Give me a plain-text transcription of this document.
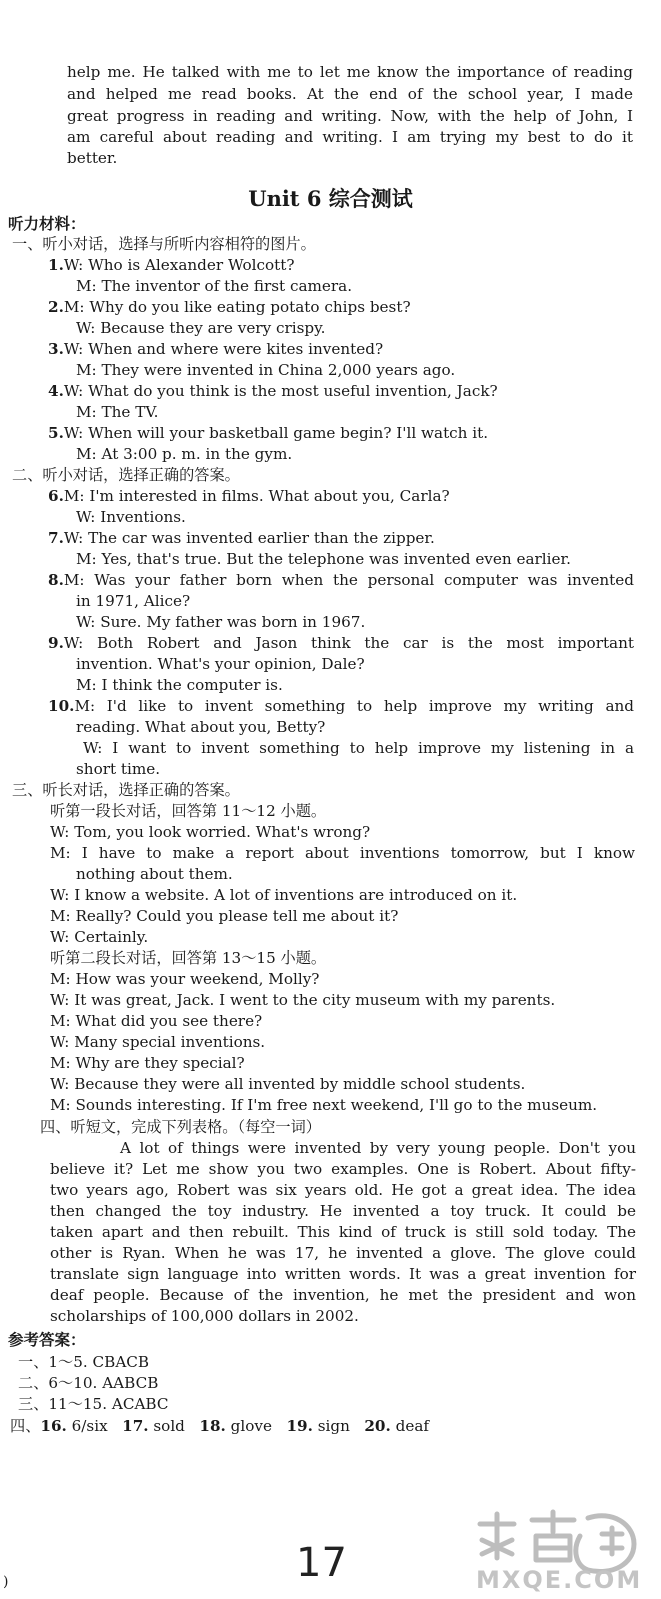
help me. He talked with me to let me know the importance of reading
and helped me read books. At the end of the school year, I made
great progress in reading and writing. Now, with the help of John, I
am careful about reading and writing. I am trying my best to do it
better.
Unit 6 综合测试
听力材料：
一、听小对话，选择与所听内容相符的图片。
1.W: Who is Alexander Wolcott?
M: The inventor of the first camera.
2.M: Why do you like eating potato chips best?
W: Because they are very crispy.
3.W: When and where were kites invented?
M: They were invented in China 2,000 years ago.
4.W: What do you think is the most useful invention, Jack?
M: The TV.
5.W: When will your basketball game begin? I'll watch it.
M: At 3:00 p. m. in the gym.
二、听小对话，选择正确的答案。
6.M: I'm interested in films. What about you, Carla?
W: Inventions.
7.W: The car was invented earlier than the zipper.
M: Yes, that's true. But the telephone was invented even earlier.
8.M: Was your father born when the personal computer was invented
in 1971, Alice?
W: Sure. My father was born in 1967.
9.W: Both Robert and Jason think the car is the most important
invention. What's your opinion, Dale?
M: I think the computer is.
10.M: I'd like to invent something to help improve my writing and
reading. What about you, Betty?
W: I want to invent something to help improve my listening in a
short time.
三、听长对话，选择正确的答案。
听第一段长对话，回答第 11～12 小题。
W: Tom, you look worried. What's wrong?
M: I have to make a report about inventions tomorrow, but I know
nothing about them.
W: I know a website. A lot of inventions are introduced on it.
M: Really? Could you please tell me about it?
W: Certainly.
听第二段长对话，回答第 13～15 小题。
M: How was your weekend, Molly?
W: It was great, Jack. I went to the city museum with my parents.
M: What did you see there?
W: Many special inventions.
M: Why are they special?
W: Because they were all invented by middle school students.
M: Sounds interesting. If I'm free next weekend, I'll go to the museum.
四、听短文，完成下列表格。（每空一词）
A lot of things were invented by very young people. Don't you
believe it? Let me show you two examples. One is Robert. About fifty-
two years ago, Robert was six years old. He got a great idea. The idea
then changed the toy industry. He invented a toy truck. It could be
taken apart and then rebuilt. This kind of truck is still sold today. The
other is Ryan. When he was 17, he invented a glove. The glove could
translate sign language into written words. It was a great invention for
deaf people. Because of the invention, he met the president and won
scholarships of 100,000 dollars in 2002.
参考答案：
一、1～5. CBACB
二、6～10. AABCB
三、11～15. ACABC
四、16. 6/six 17. sold 18. glove 19. sign 20. deaf
)	17	MXQE.COM
